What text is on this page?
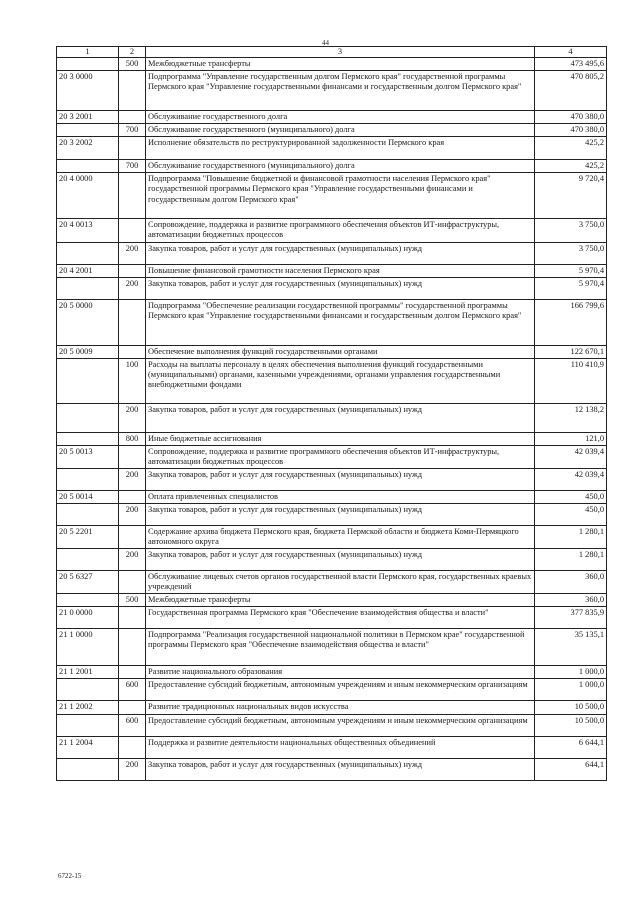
44
1	2	3	4
	500	Межбюджетные трансферты	473 495,6
20 3 0000		Подпрограмма "Управление государственным долгом Пермского края" государственной программы Пермского края "Управление государственными финансами и государственным долгом Пермского края"	470 805,2
20 3 2001		Обслуживание государственного долга	470 380,0
	700	Обслуживание государственного (муниципального) долга	470 380,0
20 3 2002		Исполнение обязательств по реструктурированной задолженности Пермского края	425,2
	700	Обслуживание государственного (муниципального) долга	425,2
20 4 0000		Подпрограмма "Повышение бюджетной и финансовой грамотности населения Пермского края" государственной программы Пермского края "Управление государственными финансами и государственным долгом Пермского края"	9 720,4
20 4 0013		Сопровождение, поддержка и развитие программного обеспечения объектов ИТ-инфраструктуры, автоматизации бюджетных процессов	3 750,0
	200	Закупка товаров, работ и услуг для государственных (муниципальных) нужд	3 750,0
20 4 2001		Повышение финансовой грамотности населения Пермского края	5 970,4
	200	Закупка товаров, работ и услуг для государственных (муниципальных) нужд	5 970,4
20 5 0000		Подпрограмма "Обеспечение реализации государственной программы" государственной программы Пермского края "Управление государственными финансами и государственным долгом Пермского края"	166 799,6
20 5 0009		Обеспечение выполнения функций государственными органами	122 670,1
	100	Расходы на выплаты персоналу в целях обеспечения выполнения функций государственными (муниципальными) органами, казенными учреждениями, органами управления государственными внебюджетными фондами	110 410,9
	200	Закупка товаров, работ и услуг для государственных (муниципальных) нужд	12 138,2
	800	Иные бюджетные ассигнования	121,0
20 5 0013		Сопровождение, поддержка и развитие программного обеспечения объектов ИТ-инфраструктуры, автоматизации бюджетных процессов	42 039,4
	200	Закупка товаров, работ и услуг для государственных (муниципальных) нужд	42 039,4
20 5 0014		Оплата привлеченных специалистов	450,0
	200	Закупка товаров, работ и услуг для государственных (муниципальных) нужд	450,0
20 5 2201		Содержание архива бюджета Пермского края, бюджета Пермской области и бюджета Коми-Пермяцкого автономного округа	1 280,1
	200	Закупка товаров, работ и услуг для государственных (муниципальных) нужд	1 280,1
20 5 6327		Обслуживание лицевых счетов органов государственной власти Пермского края, государственных краевых учреждений	360,0
	500	Межбюджетные трансферты	360,0
21 0 0000		Государственная программа Пермского края "Обеспечение взаимодействия общества и власти"	377 835,9
21 1 0000		Подпрограмма "Реализация государственной национальной политики в Пермском крае" государственной программы Пермского края "Обеспечение взаимодействия общества и власти"	35 135,1
21 1 2001		Развитие национального образования	1 000,0
	600	Предоставление субсидий бюджетным, автономным учреждениям и иным некоммерческим организациям	1 000,0
21 1 2002		Развитие традиционных национальных видов искусства	10 500,0
	600	Предоставление субсидий бюджетным, автономным учреждениям и иным некоммерческим организациям	10 500,0
21 1 2004		Поддержка и развитие деятельности национальных общественных объединений	6 644,1
	200	Закупка товаров, работ и услуг для государственных (муниципальных) нужд	644,1
6722-15
